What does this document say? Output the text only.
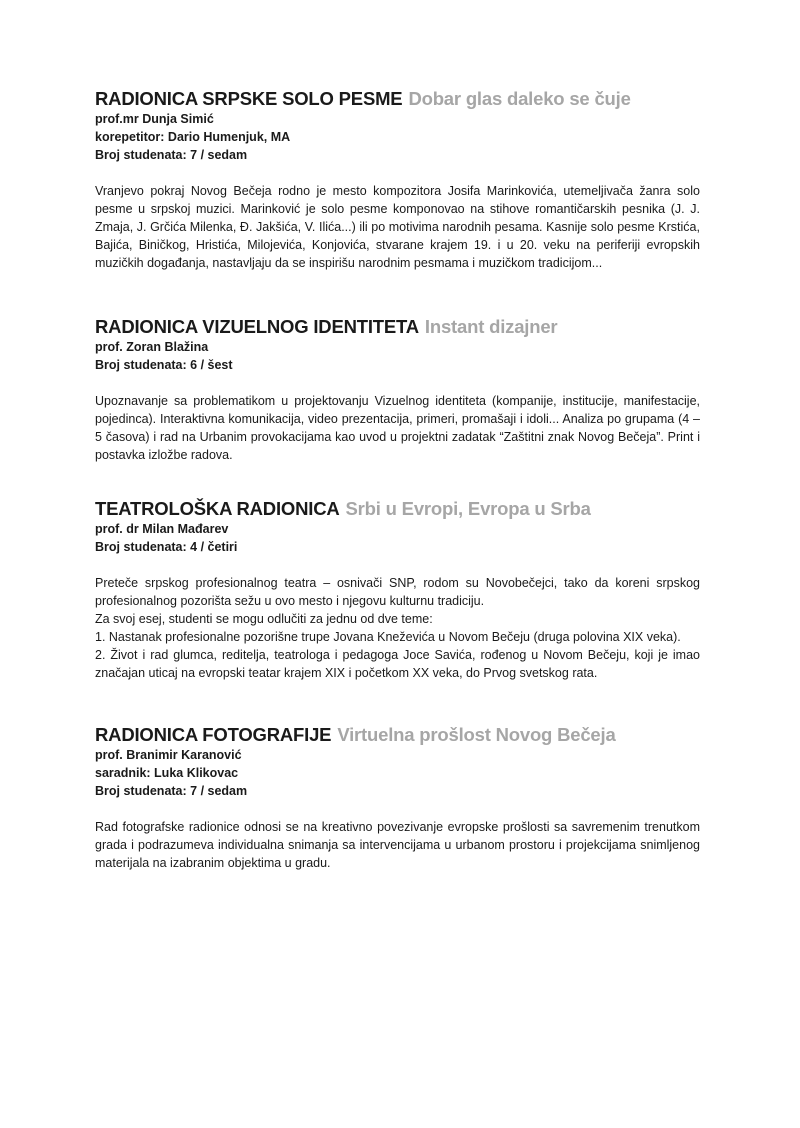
RADIONICA SRPSKE SOLO PESME Dobar glas daleko se čuje
prof.mr Dunja Simić
korepetitor: Dario Humenjuk, MA
Broj studenata: 7 / sedam

Vranjevo pokraj Novog Bečeja rodno je mesto kompozitora Josifa Marinkovića, utemeljivača žanra solo pesme u srpskoj muzici. Marinković je solo pesme komponovao na stihove romantičarskih pesnika (J. J. Zmaja, J. Grčića Milenka, Đ. Jakšića, V. Ilića...) ili po motivima narodnih pesama. Kasnije solo pesme Krstića, Bajića, Biničkog, Hristića, Milojevića, Konjovića, stvarane krajem 19. i u 20. veku na periferiji evropskih muzičkih događanja, nastavljaju da se inspirišu narodnim pesmama i muzičkom tradicijom...

RADIONICA VIZUELNOG IDENTITETA Instant dizajner
prof. Zoran Blažina
Broj studenata: 6 / šest

Upoznavanje sa problematikom u projektovanju Vizuelnog identiteta (kompanije, institucije, manifestacije, pojedinca). Interaktivna komunikacija, video prezentacija, primeri, promašaji i idoli... Analiza po grupama (4 – 5 časova) i rad na Urbanim provokacijama kao uvod u projektni zadatak “Zaštitni znak Novog Bečeja”. Print i postavka izložbe radova.

TEATROLOŠKA RADIONICA Srbi u Evropi, Evropa u Srba
prof. dr Milan Mađarev
Broj studenata: 4 / četiri

Preteče srpskog profesionalnog teatra – osnivači SNP, rodom su Novobečejci, tako da koreni srpskog profesionalnog pozorišta sežu u ovo mesto i njegovu kulturnu tradiciju.

Za svoj esej, studenti se mogu odlučiti za jednu od dve teme:

1. Nastanak profesionalne pozorišne trupe Jovana Kneževića u Novom Bečeju (druga polovina XIX veka).

2. Život i rad glumca, reditelja, teatrologa i pedagoga Joce Savića, rođenog u Novom Bečeju, koji je imao značajan uticaj na evropski teatar krajem XIX i početkom XX veka, do Prvog svetskog rata.

RADIONICA FOTOGRAFIJE Virtuelna prošlost Novog Bečeja
prof. Branimir Karanović
saradnik: Luka Klikovac
Broj studenata: 7 / sedam

Rad fotografske radionice odnosi se na kreativno povezivanje evropske prošlosti sa savremenim trenutkom grada i podrazumeva individualna snimanja sa intervencijama u urbanom prostoru i projekcijama snimljenog materijala na izabranim objektima u gradu.
